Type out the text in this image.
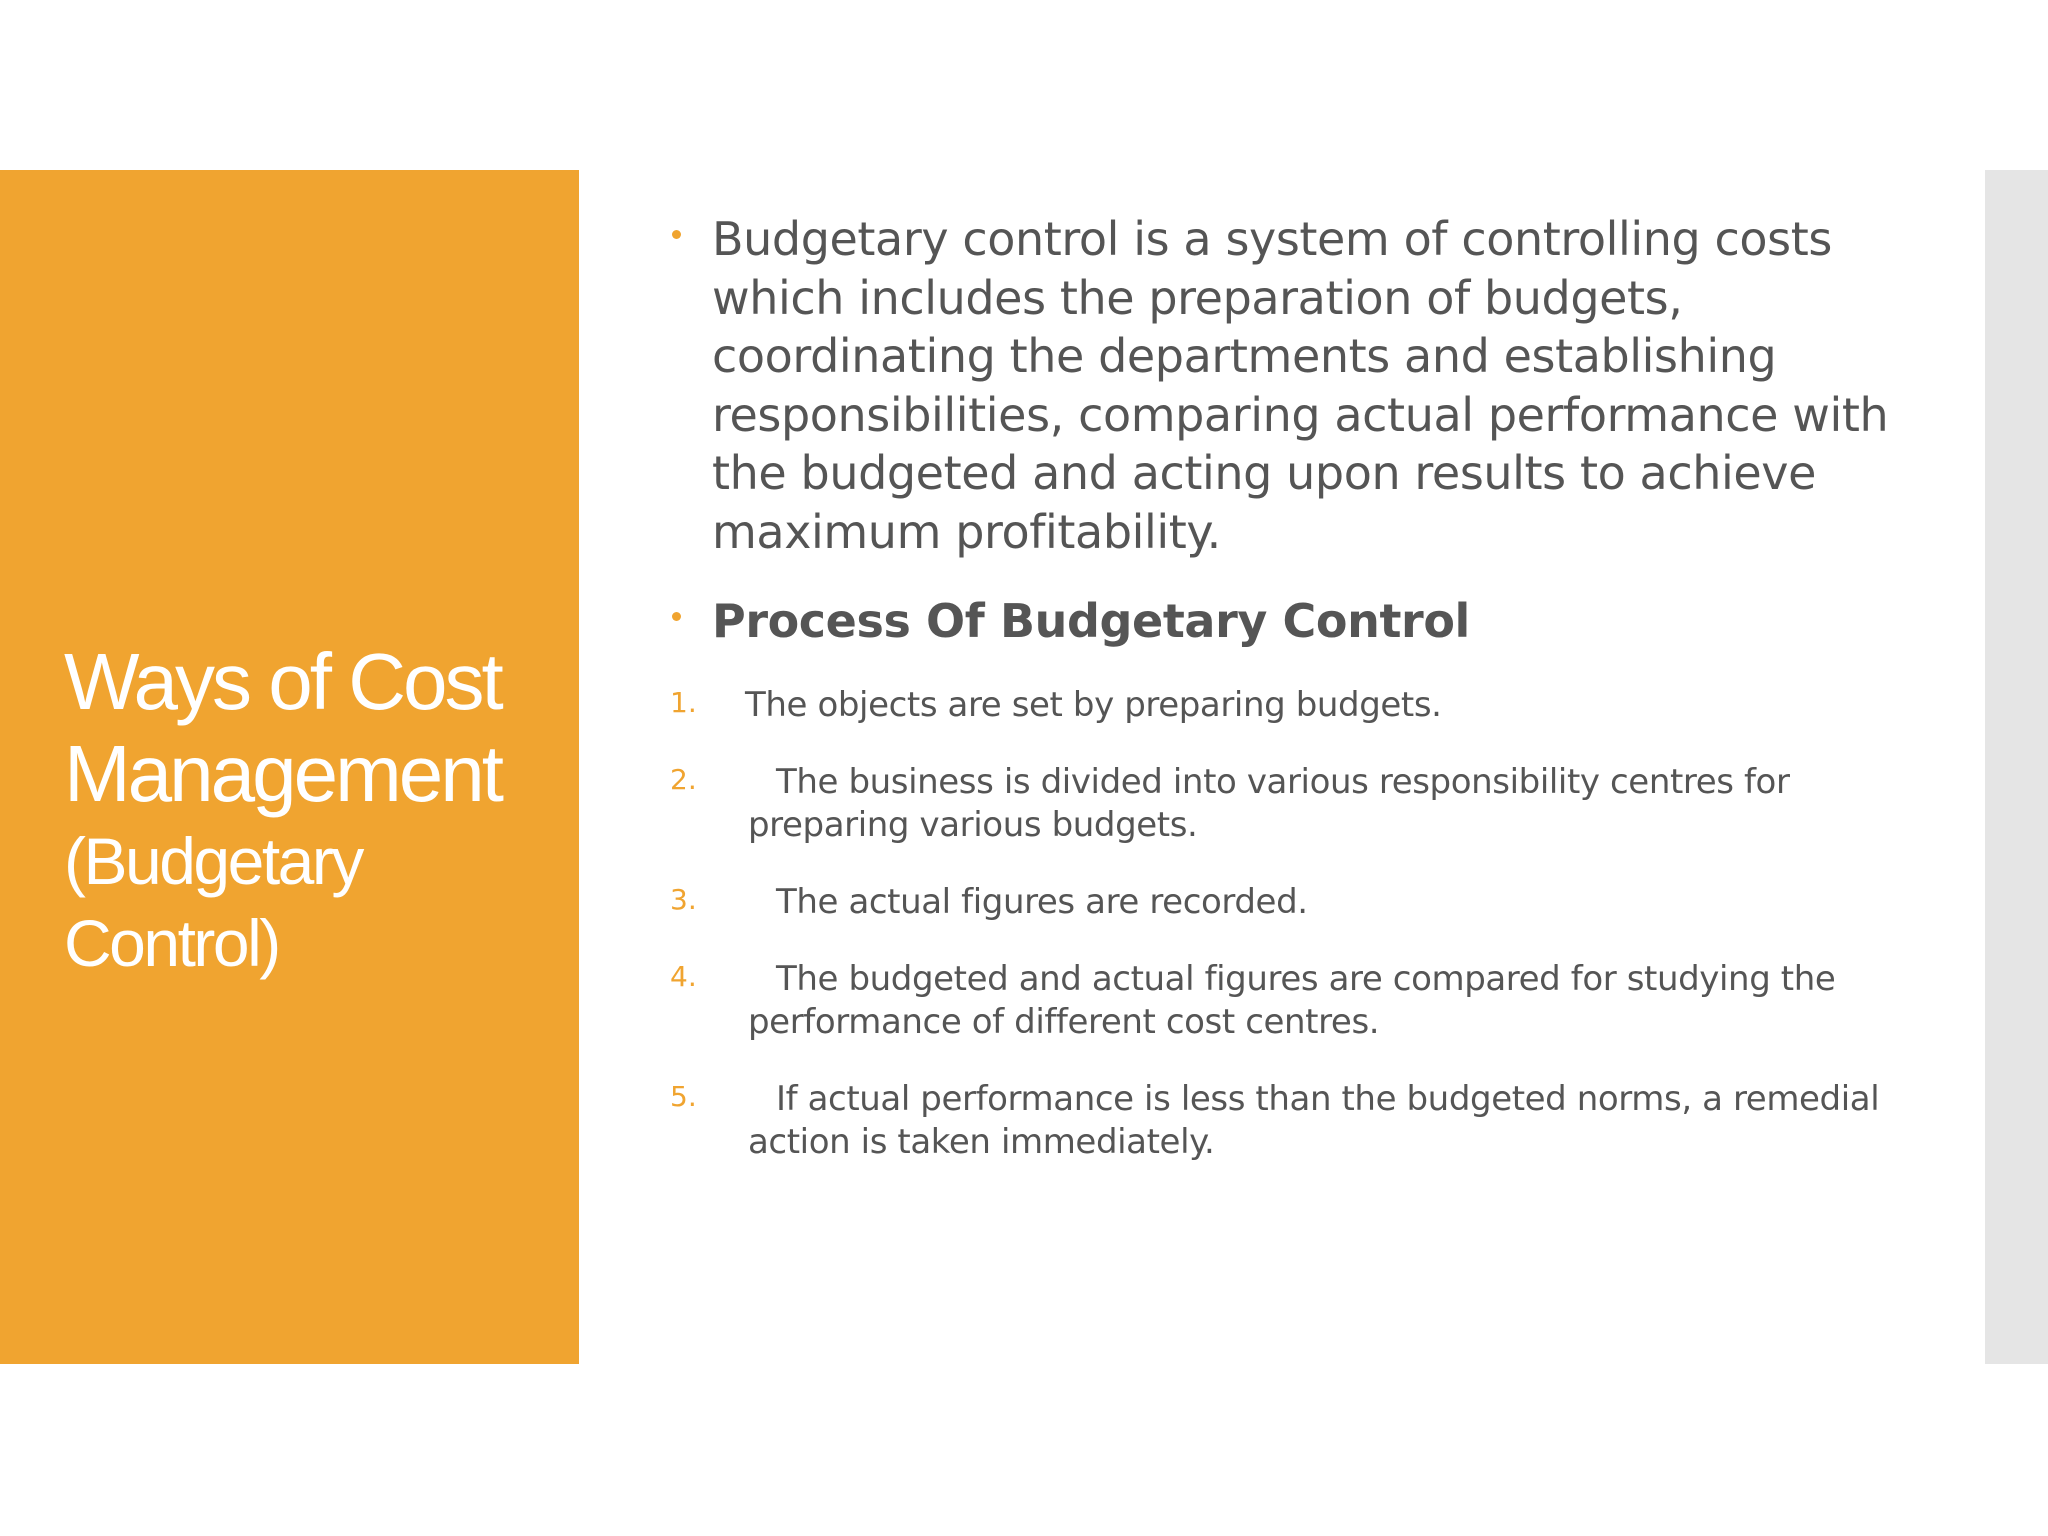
Ways of Cost
Management
(Budgetary Control)
Budgetary control is a system of controlling costs which includes the preparation of budgets, coordinating the departments and establishing responsibilities, comparing actual performance with the budgeted and acting upon results to achieve maximum profitability.
Process Of Budgetary Control
1. The objects are set by preparing budgets.
2.	The business is divided into various responsibility centres for preparing various budgets.
3.	The actual figures are recorded.
4.	The budgeted and actual figures are compared for studying the performance of different cost centres.
5.	If actual performance is less than the budgeted norms, a remedial action is taken immediately.
